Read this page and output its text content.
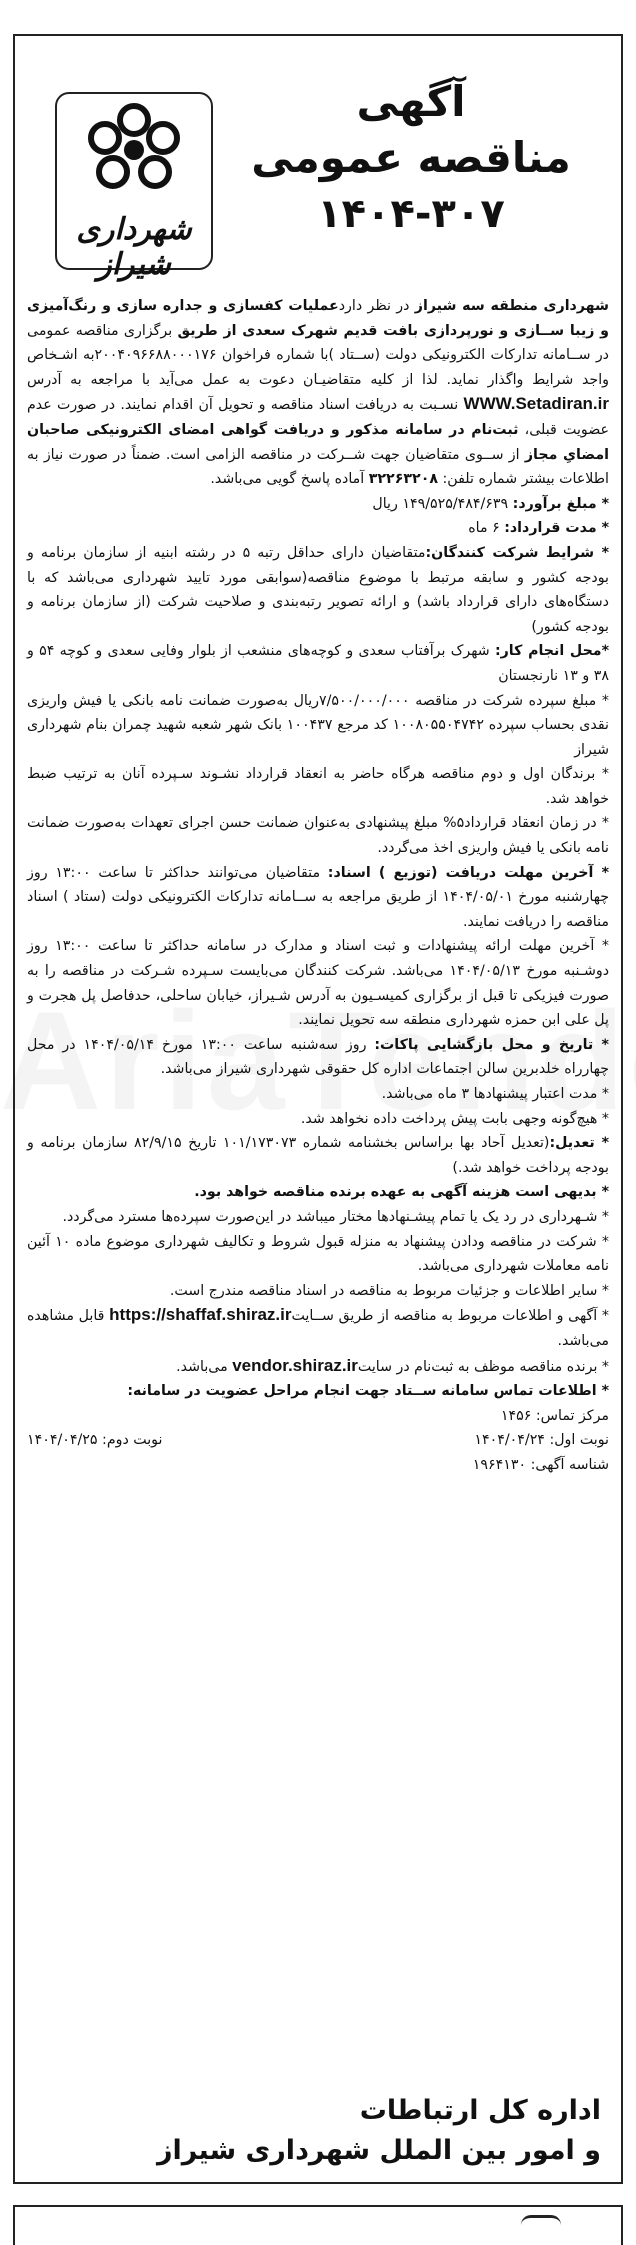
شهرداری شیراز
آگهی
مناقصه عمومی
۱۴۰۴-۳۰۷

شهرداری منطقه سه شیراز در نظر داردعملیات کفسازی و جداره سازی و رنگ‌آمیزی و زیبا ســازی و نورپردازی بافت قدیم شهرک سعدی از طریق برگزاری مناقصه عمومی در ســامانه تدارکات الکترونیکی دولت (ســتاد )با شماره فراخوان ۲۰۰۴۰۹۶۶۸۸۰۰۰۱۷۶به اشـخاص واجد شرایط واگذار نماید. لذا از کلیه متقاضیـان دعوت به عمل می‌آید با مراجعه به آدرس WWW.Setadiran.ir نسـبت به دریافت اسناد مناقصه و تحویل آن اقدام نمایند. در صورت عدم عضویت قبلی، ثبت‌نام در سامانه مذکور و دریافت گواهی امضای الکترونیکی صاحبان امضایِ مجاز از ســوی متقاضیان جهت شــرکت در مناقصه الزامی است. ضمناً در صورت نیاز به اطلاعات بیشتر شماره تلفن: ۳۲۲۶۳۲۰۸ آماده پاسخ گویی می‌باشد.

* مبلغ برآورد: ۱۴۹/۵۲۵/۴۸۴/۶۳۹ ریال

* مدت قرارداد: ۶ ماه

* شرایط شرکت کنندگان:متقاضیان دارای حداقل رتبه ۵ در رشته ابنیه از سازمان برنامه و بودجه کشور و سابقه مرتبط با موضوع مناقصه(سوابقی مورد تایید شهرداری می‌باشد که با دستگاه‌های دارای قرارداد باشد) و ارائه تصویر رتبه‌بندی و صلاحیت شرکت (از سازمان برنامه و بودجه کشور)

*محل انجام کار: شهرک برآفتاب سعدی و کوچه‌های منشعب از بلوار وفایی سعدی و کوچه ۵۴ و ۳۸ و ۱۳ نارنجستان

* مبلغ سپرده شرکت در مناقصه ۷/۵۰۰/۰۰۰/۰۰۰ریال به‌صورت ضمانت نامه بانکی یا فیش واریزی نقدی بحساب سپرده ۱۰۰۸۰۵۵۰۴۷۴۲ کد مرجع ۱۰۰۴۳۷ بانک شهر شعبه شهید چمران بنام شهرداری شیراز

* برندگان اول و دوم مناقصه هرگاه حاضر به انعقاد قرارداد نشـوند سـپرده آنان به ترتیب ضبط خواهد شد.

* در زمان انعقاد قرارداد۵% مبلغ پیشنهادی به‌عنوان ضمانت حسن اجرای تعهدات به‌صورت ضمانت نامه بانکی یا فیش واریزی اخذ می‌گردد.

* آخرین مهلت دریافت (توزیع ) اسناد: متقاضیان می‌توانند حداکثر تا ساعت ۱۳:۰۰ روز چهارشنبه مورخ ۱۴۰۴/۰۵/۰۱ از طریق مراجعه به ســامانه تدارکات الکترونیکی دولت (ستاد ) اسناد مناقصه را دریافت نمایند.

* آخرین مهلت ارائه پیشنهادات و ثبت اسناد و مدارک در سامانه حداکثر تا ساعت ۱۳:۰۰ روز دوشـنبه مورخ ۱۴۰۴/۰۵/۱۳ می‌باشد. شرکت کنندگان می‌بایست سـپرده شـرکت در مناقصه را به صورت فیزیکی تا قبل از برگزاری کمیسـیون به آدرس شـیراز، خیابان ساحلی، حدفاصل پل هجرت و پل علی ابن حمزه شهرداری منطقه سه تحویل نمایند.

* تاریخ و محل بازگشایی پاکات: روز سه‌شنبه ساعت ۱۳:۰۰ مورخ ۱۴۰۴/۰۵/۱۴ در محل چهارراه خلدبرین سالن اجتماعات اداره کل حقوقی شهرداری شیراز می‌باشد.

* مدت اعتبار پیشنهادها ۳ ماه می‌باشد.

* هیچ‌گونه وجهی بابت پیش پرداخت داده نخواهد شد.

* تعدیل:(تعدیل آحاد بها براساس بخشنامه شماره ۱۰۱/۱۷۳۰۷۳ تاریخ ۸۲/۹/۱۵ سازمان برنامه و بودجه پرداخت خواهد شد.)

* بدیهی است هزینه آگهی به عهده برنده مناقصه خواهد بود.

* شـهرداری در رد یک یا تمام پیشـنهادها مختار میباشد در این‌صورت سپرده‌ها مسترد می‌گردد.

* شرکت در مناقصه ودادن پیشنهاد به منزله قبول شروط و تکالیف شهرداری موضوع ماده ۱۰ آئین نامه معاملات شهرداری می‌باشد.

* سایر اطلاعات و جزئیات مربوط به مناقصه در اسناد مناقصه مندرج است.

* آگهی و اطلاعات مربوط به مناقصه از طریق ســایتhttps://shaffaf.shiraz.ir قابل مشاهده می‌باشد.

* برنده مناقصه موظف به ثبت‌نام در سایتvendor.shiraz.ir می‌باشد.

* اطلاعات تماس سامانه ســتاد جهت انجام مراحل عضویت در سامانه:

مرکز تماس: ۱۴۵۶

نوبت اول: ۱۴۰۴/۰۴/۲۴
نوبت دوم: ۱۴۰۴/۰۴/۲۵

شناسه آگهی: ۱۹۶۴۱۳۰

اداره کل ارتباطات
و امور بین الملل شهرداری شیراز
